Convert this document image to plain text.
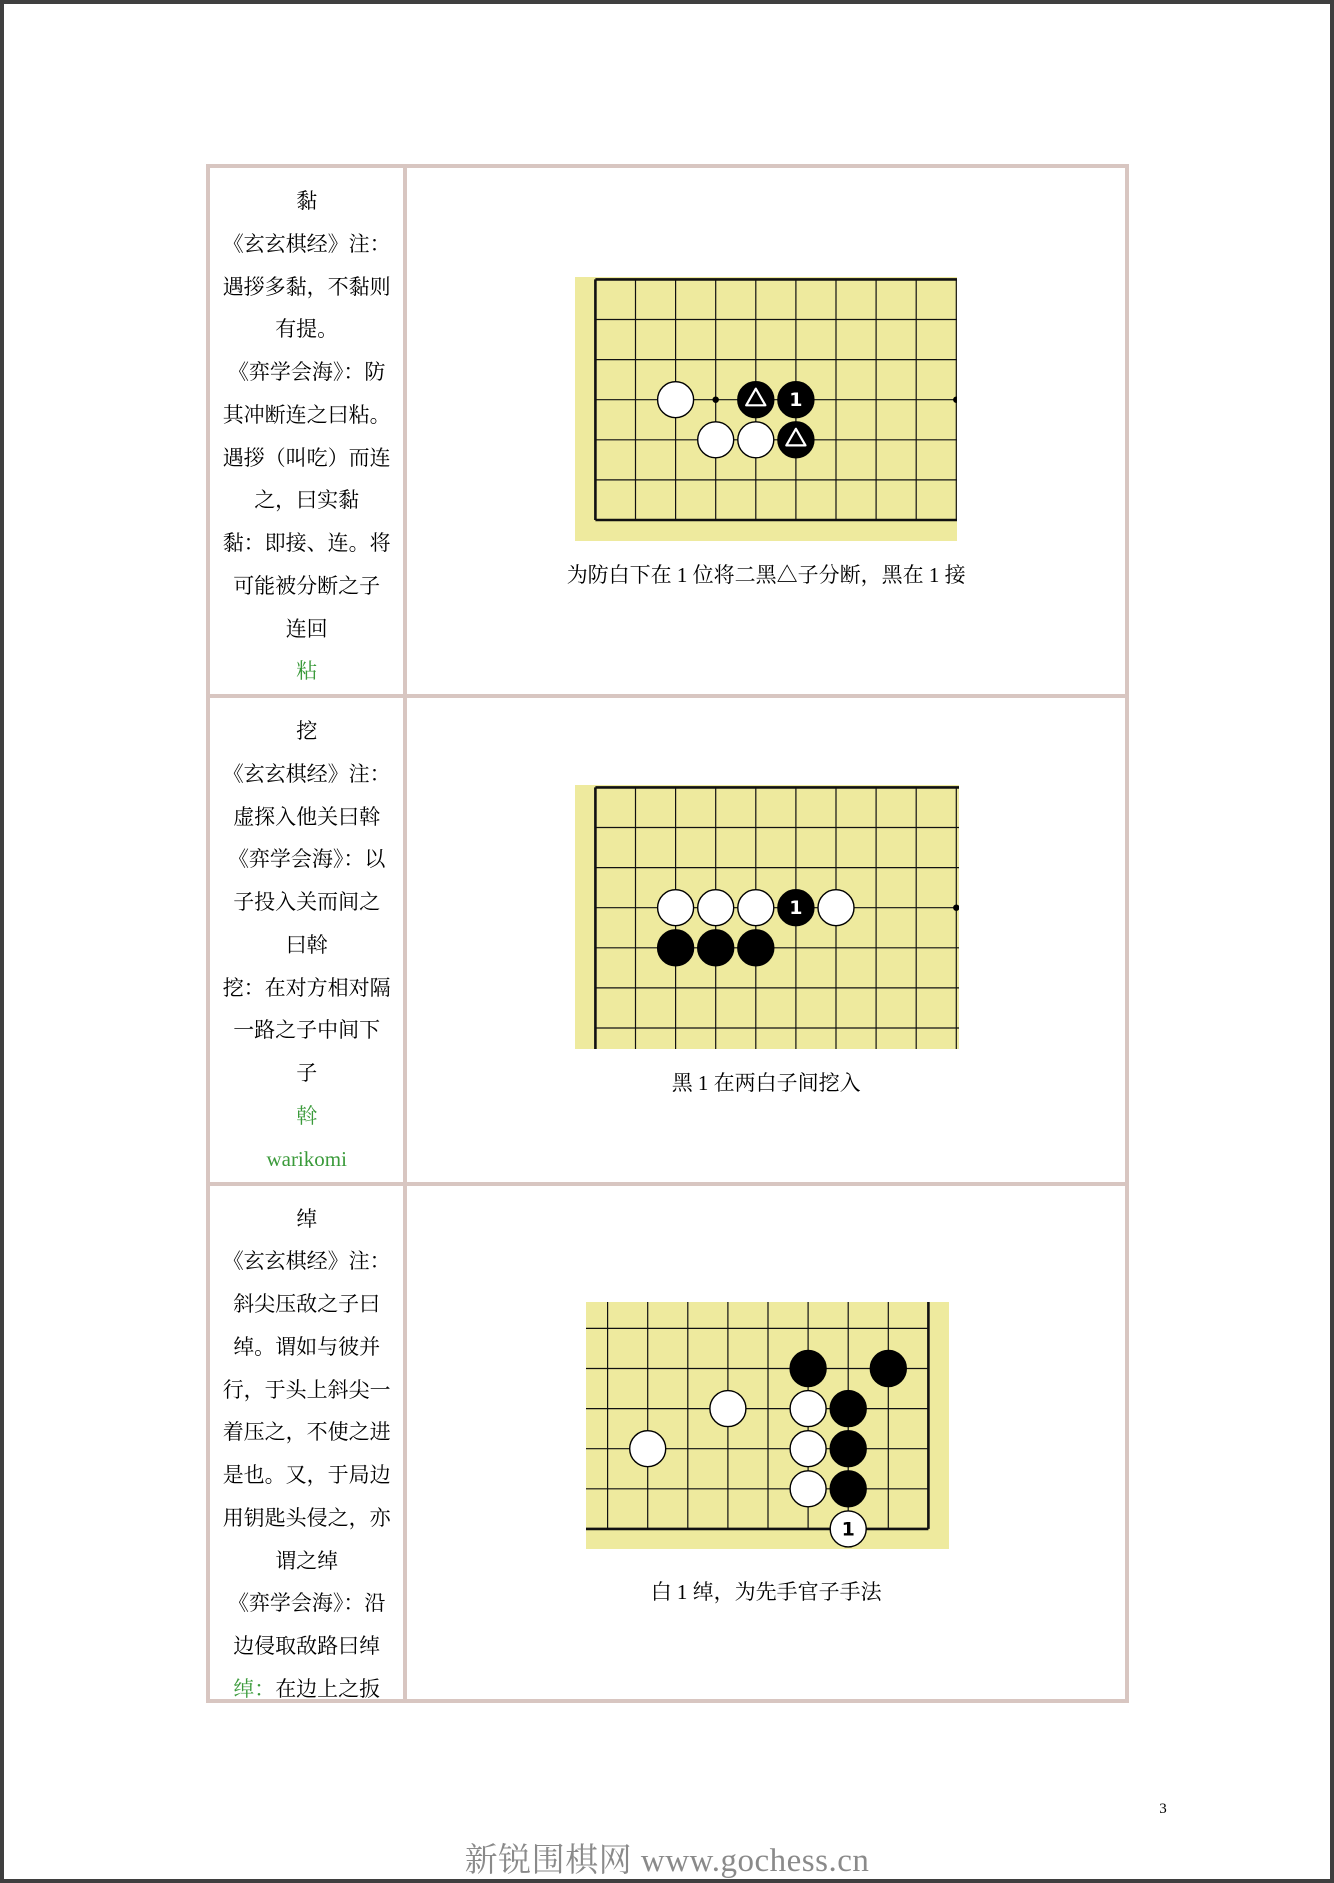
黏
《玄玄棋经》注：
遇拶多黏，不黏则
有提。
《弈学会海》：防
其冲断连之曰粘。
遇拶（叫吃）而连
之，曰实黏
黏：即接、连。将
可能被分断之子
连回
粘
挖
《玄玄棋经》注：
虚探入他关曰斡
《弈学会海》：以
子投入关而间之
曰斡
挖：在对方相对隔
一路之子中间下
子
斡
warikomi
绰
《玄玄棋经》注：
斜尖压敌之子曰
绰。谓如与彼并
行，于头上斜尖一
着压之，不使之进
是也。又，于局边
用钥匙头侵之，亦
谓之绰
《弈学会海》：沿
边侵取敌路曰绰
绰：在边上之扳
1
为防白下在 1 位将二黑△子分断，黑在 1 接
1
黑 1 在两白子间挖入
1
白 1 绰，为先手官子手法
3
新锐围棋网 www.gochess.cn
